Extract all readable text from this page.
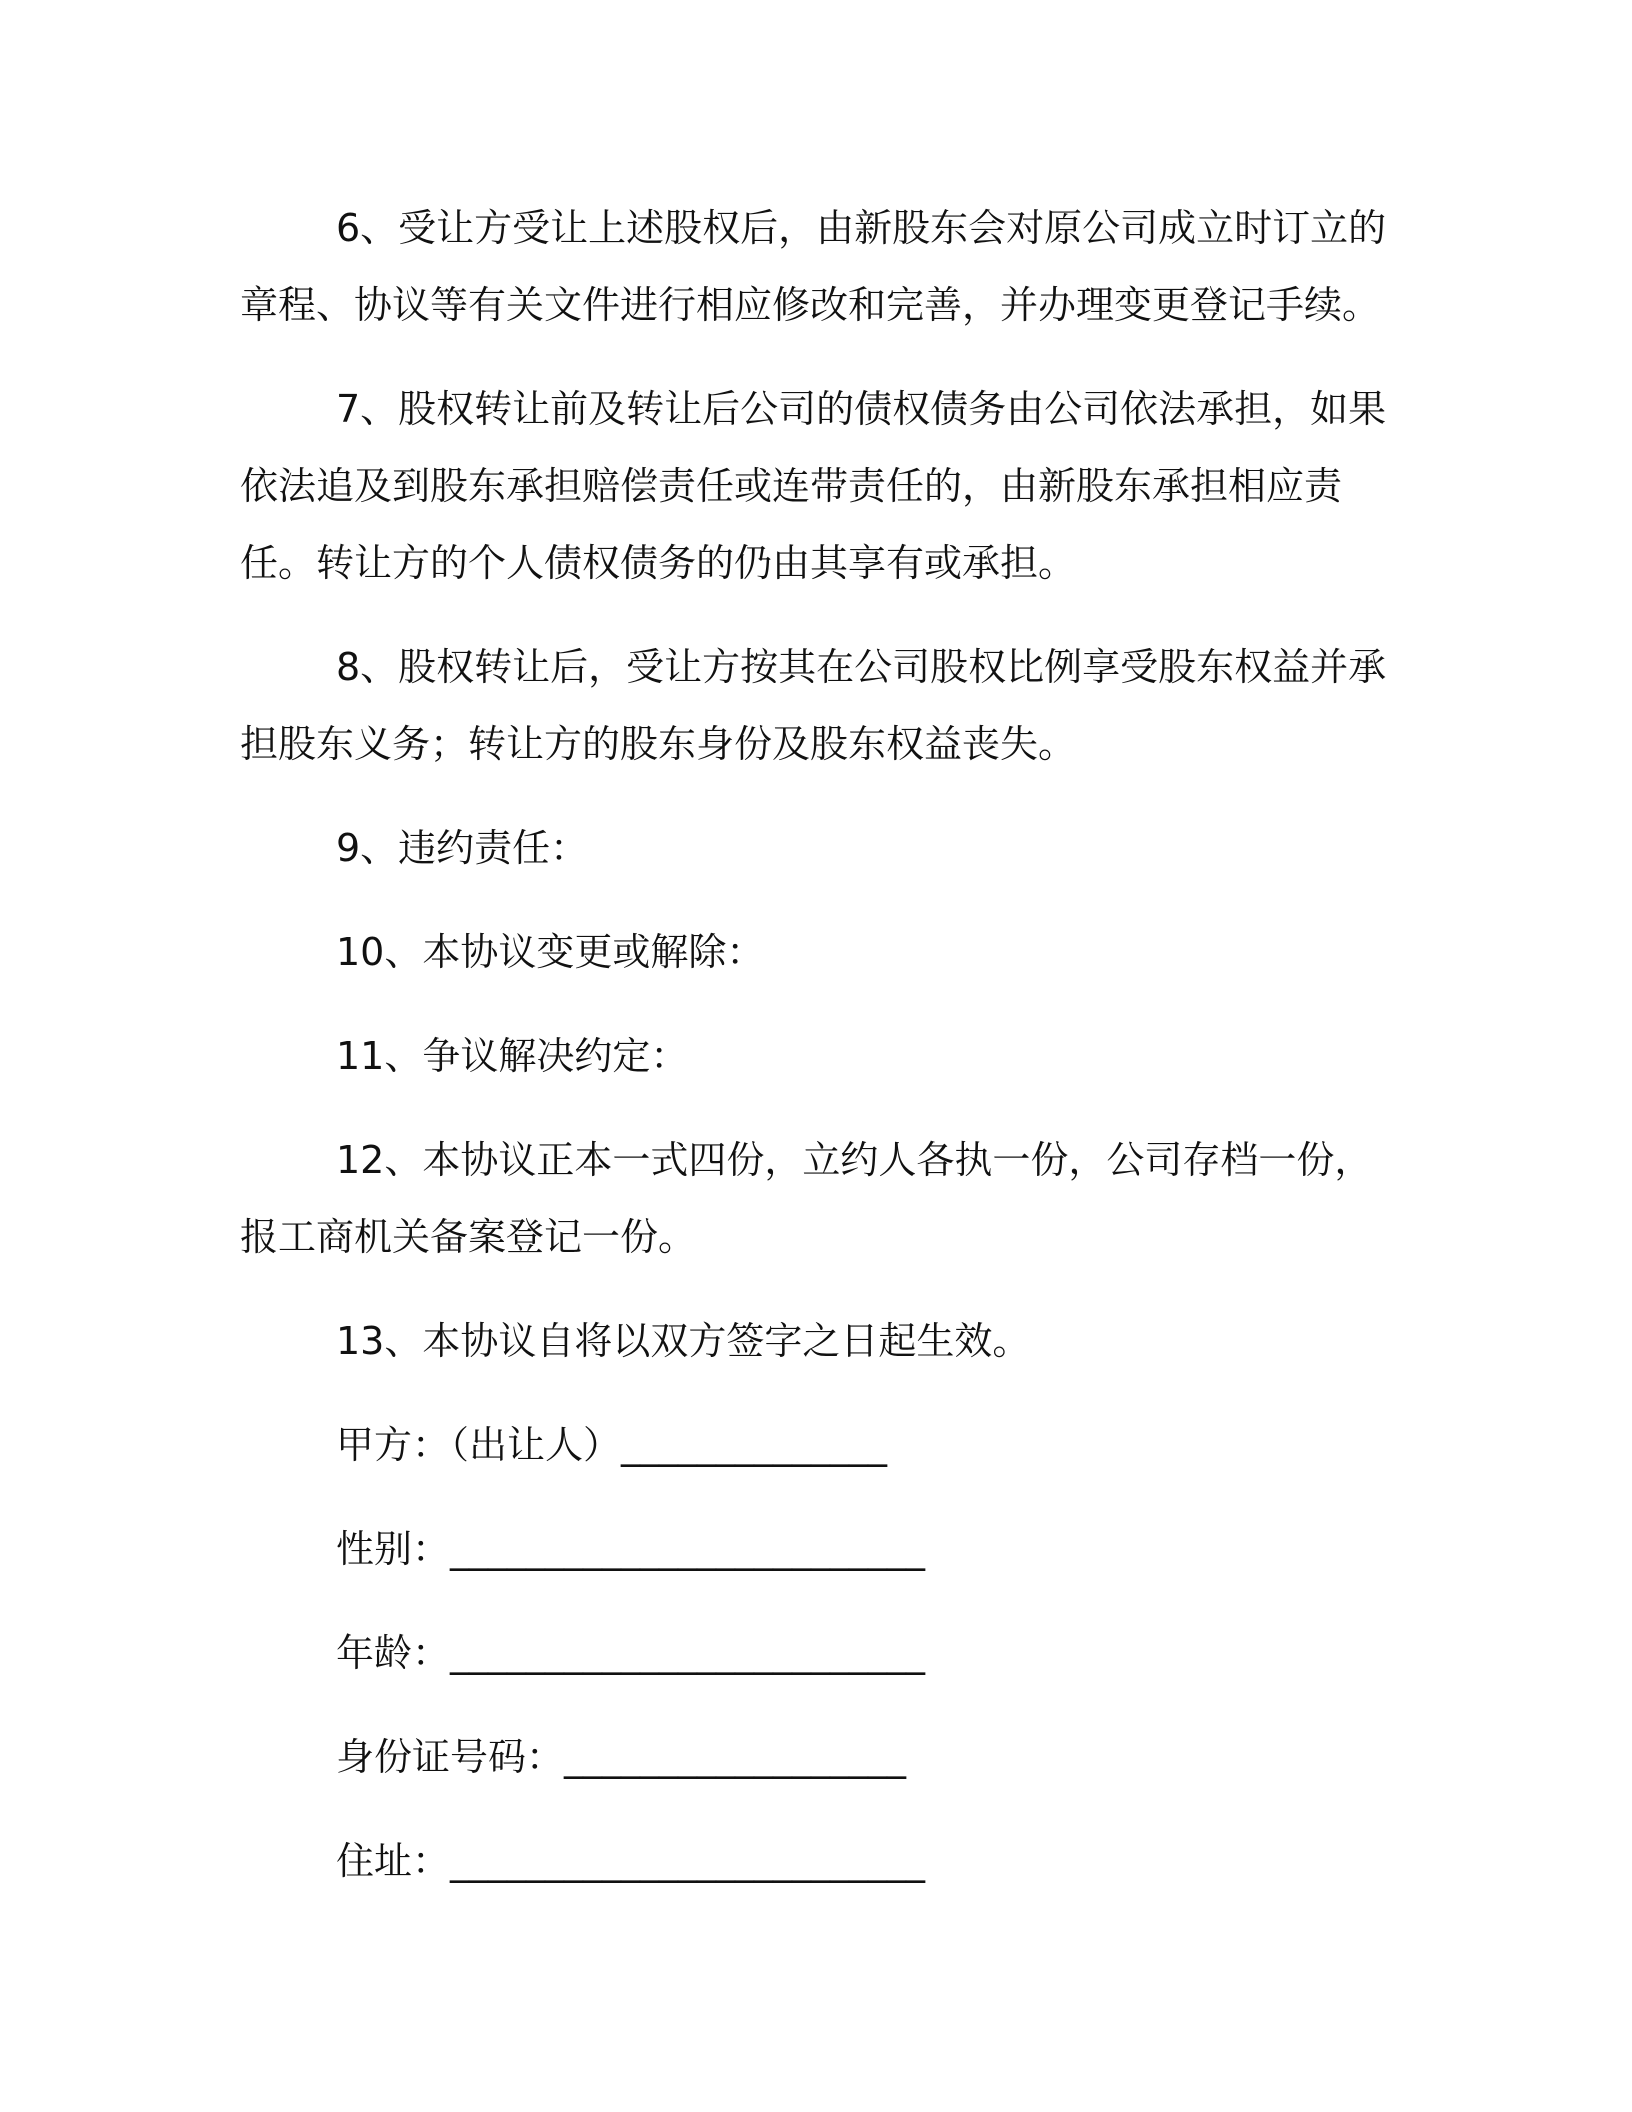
6、受让方受让上述股权后，由新股东会对原公司成立时订立的章程、协议等有关文件进行相应修改和完善，并办理变更登记手续。

7、股权转让前及转让后公司的债权债务由公司依法承担，如果依法追及到股东承担赔偿责任或连带责任的，由新股东承担相应责任。转让方的个人债权债务的仍由其享有或承担。

8、股权转让后，受让方按其在公司股权比例享受股东权益并承担股东义务；转让方的股东身份及股东权益丧失。

9、违约责任：

10、本协议变更或解除：

11、争议解决约定：

12、本协议正本一式四份，立约人各执一份，公司存档一份，报工商机关备案登记一份。

13、本协议自将以双方签字之日起生效。

甲方：（出让人）______________

性别：_________________________

年龄：_________________________

身份证号码：__________________

住址：_________________________
